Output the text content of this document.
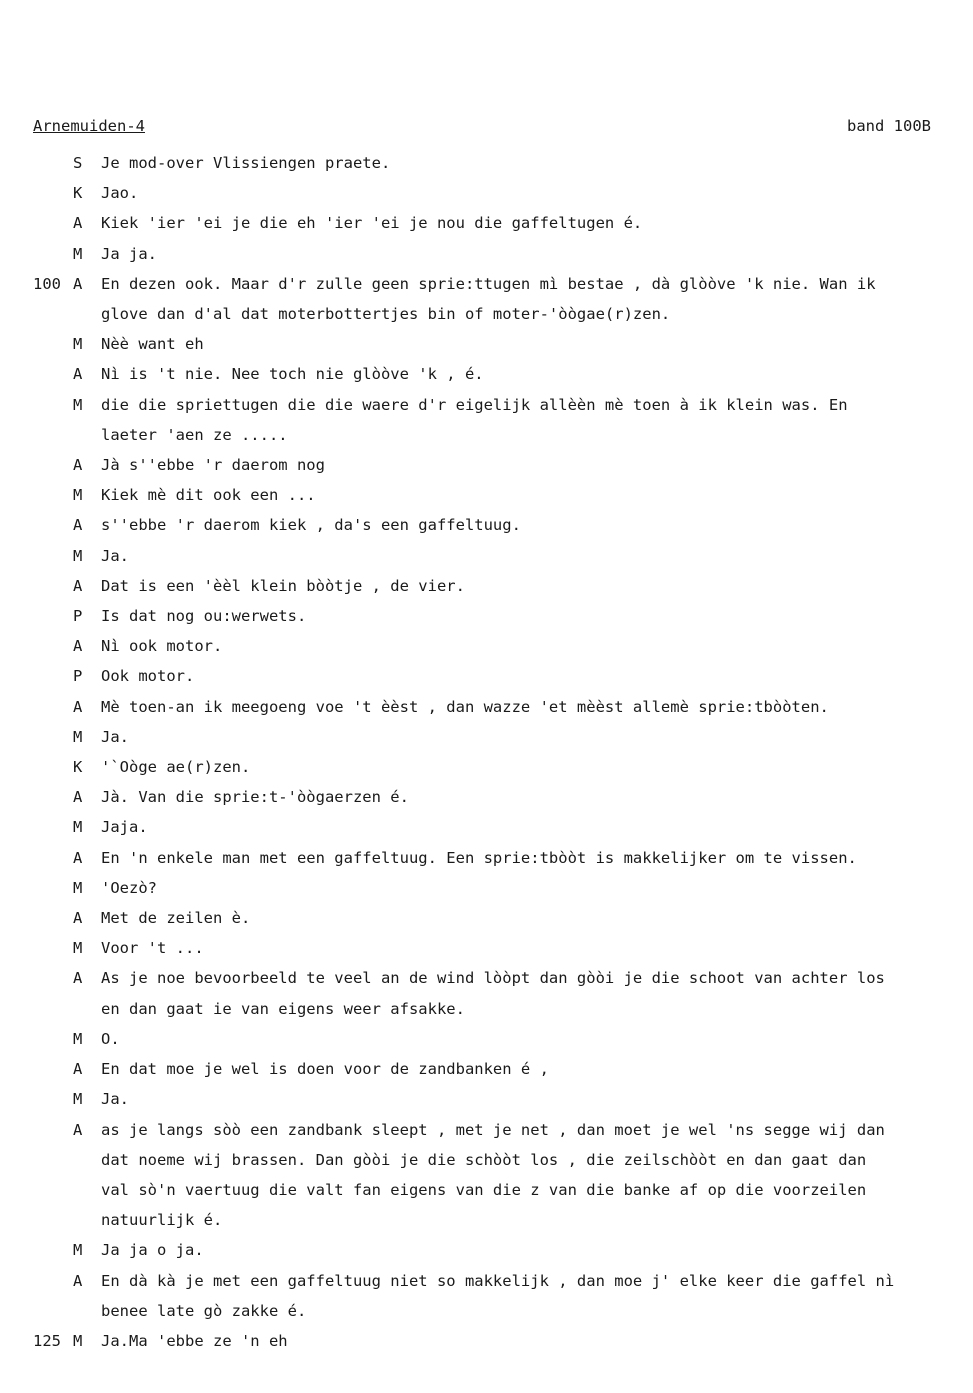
Arnemuiden-4	band 100B
S	Je mod-over Vlissiengen praete.
K	Jao.
A	Kiek 'ier 'ei je die eh 'ier 'ei je nou die gaffeltugen é.
M	Ja ja.
100 A	En dezen ook. Maar d'r zulle geen sprie:ttugen mì bestae , dà glòòve 'k nie. Wan ik
glove dan d'al dat moterbottertjes bin of moter-'òògae(r)zen.
M	Nèè want eh
A	Nì is 't nie. Nee toch nie glòòve 'k , é.
M	die die spriettugen die die waere d'r eigelijk allèèn mè toen à ik klein was. En
laeter 'aen ze .....
A	Jà s''ebbe 'r daerom nog
M	Kiek mè dit ook een ...
A	s''ebbe 'r daerom kiek , da's een gaffeltuug.
M	Ja.
A	Dat is een 'èèl klein bòòtje , de vier.
P	Is dat nog ou:werwets.
A	Nì ook motor.
P	Ook motor.
A	Mè toen-an ik meegoeng voe 't èèst , dan wazze 'et mèèst allemè sprie:tbòòten.
M	Ja.
K	'`Oòge ae(r)zen.
A	Jà. Van die sprie:t-'òògaerzen é.
M	Jaja.
A	En 'n enkele man met een gaffeltuug. Een sprie:tbòòt is makkelijker om te vissen.
M	'Oezò?
A	Met de zeilen è.
M	Voor 't ...
A	As je noe bevoorbeeld te veel an de wind lòòpt dan gòòi je die schoot van achter los
en dan gaat ie van eigens weer afsakke.
M	O.
A	En dat moe je wel is doen voor de zandbanken é ,
M	Ja.
A	as je langs sòò een zandbank sleept , met je net , dan moet je wel 'ns segge wij dan
dat noeme wij brassen. Dan gòòi je die schòòt los , die zeilschòòt en dan gaat dan
val sò'n vaertuug die valt fan eigens van die z van die banke af op die voorzeilen
natuurlijk é.
M	Ja ja o ja.
A	En dà kà je met een gaffeltuug niet so makkelijk , dan moe j' elke keer die gaffel nì
benee late gò zakke é.
125 M	Ja.Ma 'ebbe ze 'n eh
